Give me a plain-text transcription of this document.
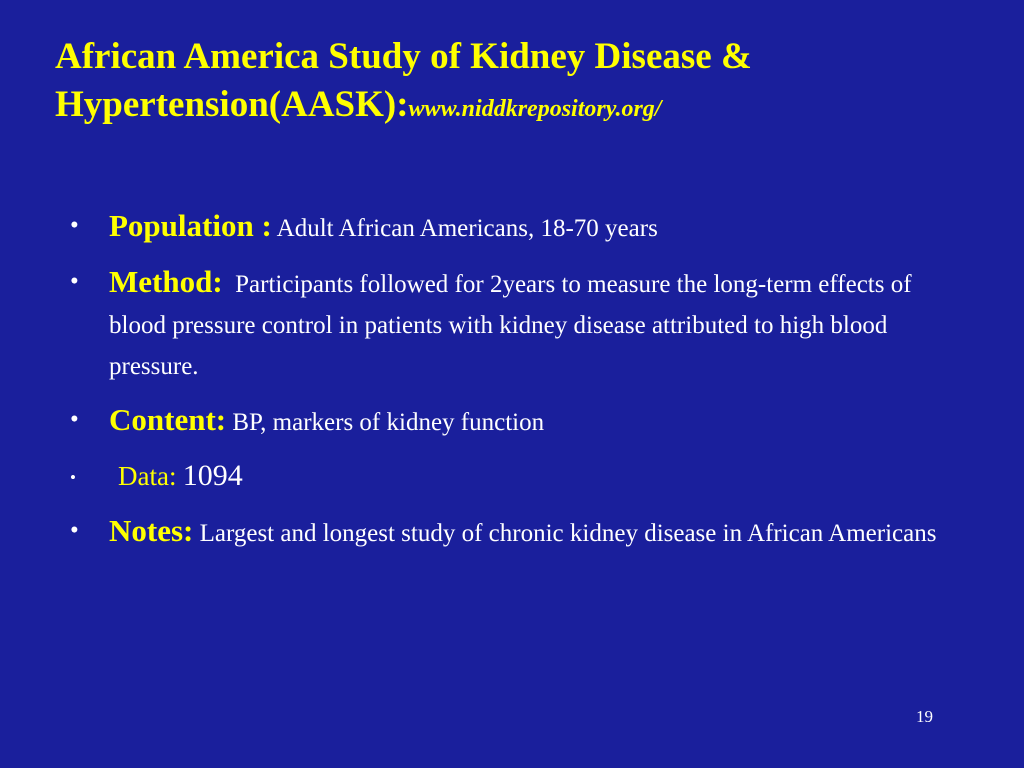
African America Study of Kidney Disease & Hypertension(AASK):www.niddkrepository.org/
• Population : Adult African Americans, 18-70 years
• Method: Participants followed for 2years to measure the long-term effects of blood pressure control in patients with kidney disease attributed to high blood pressure.
• Content: BP, markers of kidney function
• Data: 1094
• Notes: Largest and longest study of chronic kidney disease in African Americans
19
